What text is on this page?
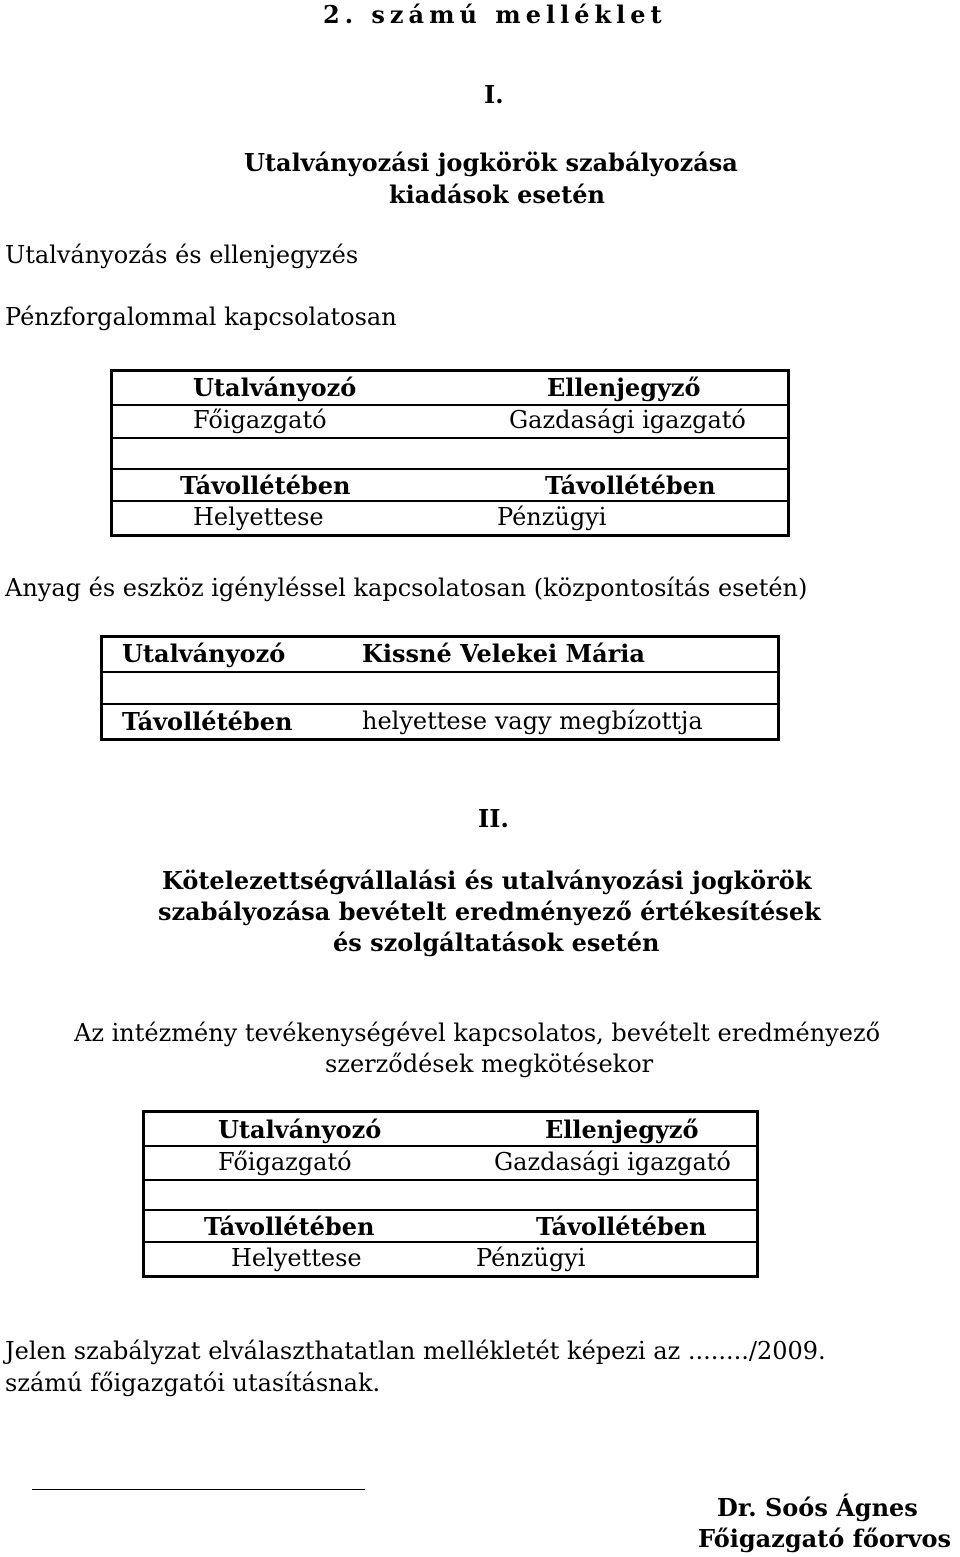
2. számú melléklet
I.
Utalványozási jogkörök szabályozása
kiadások esetén
Utalványozás és ellenjegyzés
Pénzforgalommal kapcsolatosan
Utalványozó
Főigazgató
Távollétében
Helyettese
Ellenjegyző
Gazdasági igazgató
Távollétében
Pénzügyi
Anyag és eszköz igényléssel kapcsolatosan (központosítás esetén)
Utalványozó	Kissné Velekei Mária
Távollétében	helyettese vagy megbízottja
II.
Kötelezettségvállalási és utalványozási jogkörök
szabályozása bevételt eredményező értékesítések
és szolgáltatások esetén
Az intézmény tevékenységével kapcsolatos, bevételt eredményező
szerződések megkötésekor
Utalványozó
Főigazgató
Távollétében
Helyettese
Ellenjegyző
Gazdasági igazgató
Távollétében
Pénzügyi
Jelen szabályzat elválaszthatatlan mellékletét képezi az ......../2009.
számú főigazgatói utasításnak.
Dr. Soós Ágnes
Főigazgató főorvos
